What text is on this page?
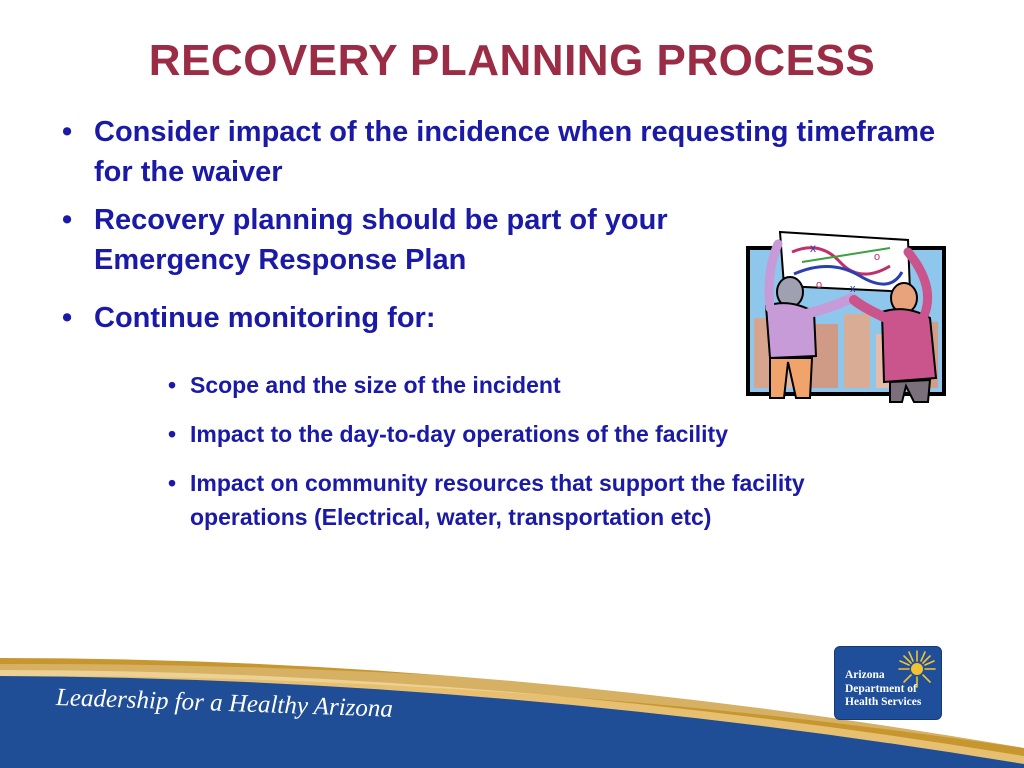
RECOVERY PLANNING PROCESS
• Consider impact of the incidence when requesting timeframe for the waiver
• Recovery planning should be part of your Emergency Response Plan
• Continue monitoring for:
• Scope and the size of the incident
• Impact to the day-to-day operations of the facility
• Impact on community resources that support the facility operations (Electrical, water, transportation etc)
x
o
x
o
Leadership for a Healthy Arizona
Arizona
Department of
Health Services
